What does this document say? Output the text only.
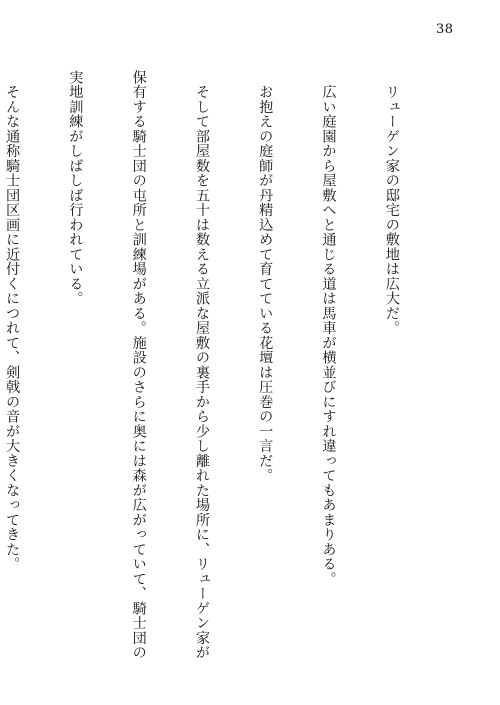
38

　リューゲン家の邸宅の敷地は広大だ。

　広い庭園から屋敷へと通じる道は馬車が横並びにすれ違ってもあまりある。

　お抱えの庭師が丹精込めて育てている花壇は圧巻の一言だ。

　そして部屋数を五十は数える立派な屋敷の裏手から少し離れた場所に、リューゲン家が

保有する騎士団の屯所と訓練場がある。施設のさらに奥には森が広がっていて、騎士団の

実地訓練がしばしば行われている。

　そんな通称騎士団区画に近付くにつれて、剣戟の音が大きくなってきた。
